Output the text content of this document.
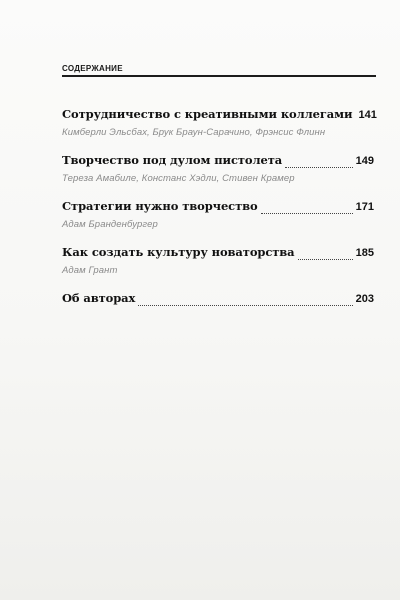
СОДЕРЖАНИЕ
Сотрудничество с креативными коллегами 141
Кимберли Эльсбах, Брук Браун-Сарачино, Фрэнсис Флинн
Творчество под дулом пистолета	149
Тереза Амабиле, Констанс Хэдли, Стивен Крамер
Стратегии нужно творчество	171
Адам Бранденбургер
Как создать культуру новаторства	185
Адам Грант
Об авторах	203
